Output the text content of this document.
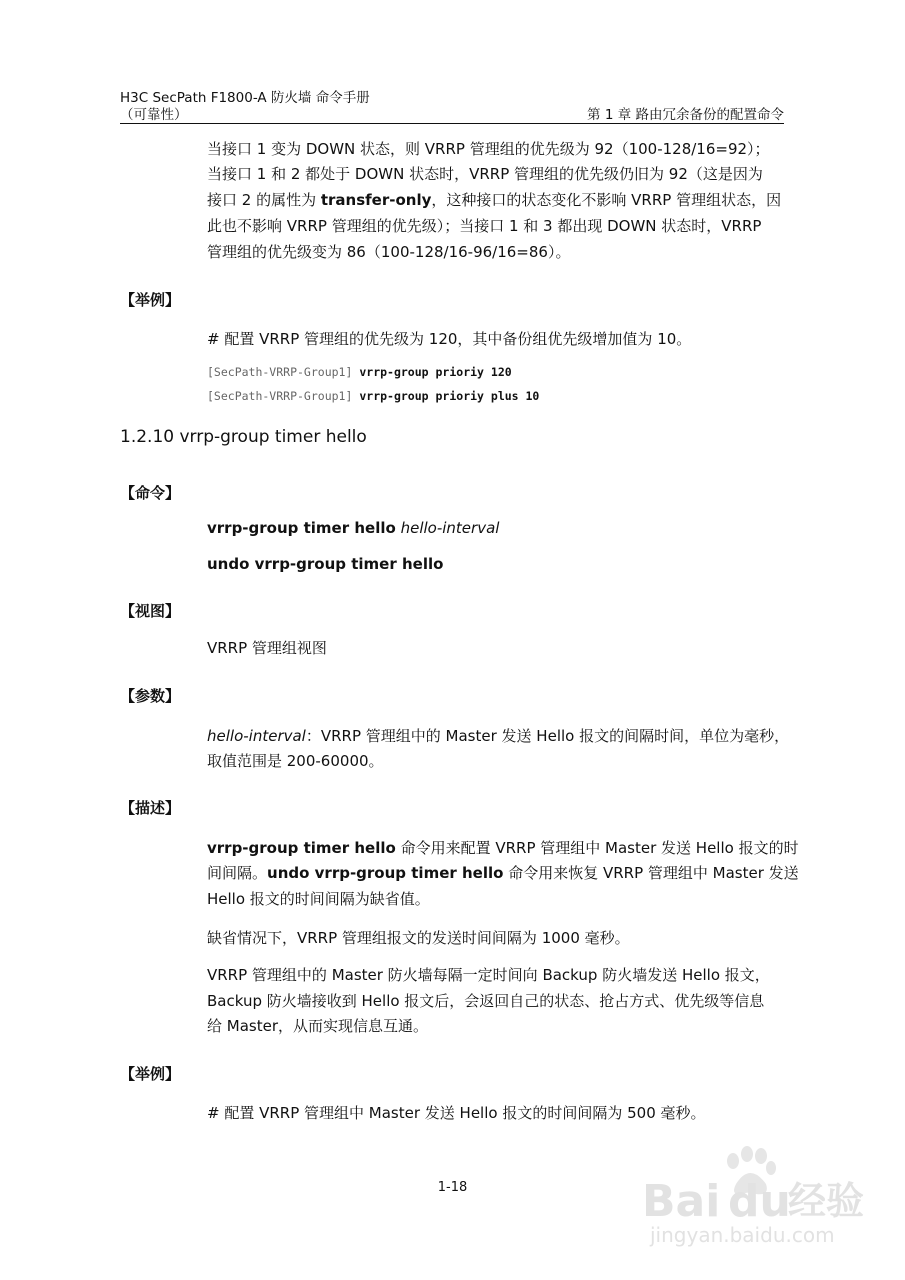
H3C SecPath F1800-A 防火墙 命令手册
（可靠性）	第 1 章 路由冗余备份的配置命令
当接口 1 变为 DOWN 状态，则 VRRP 管理组的优先级为 92（100-128/16=92）；
当接口 1 和 2 都处于 DOWN 状态时，VRRP 管理组的优先级仍旧为 92（这是因为
接口 2 的属性为 transfer-only，这种接口的状态变化不影响 VRRP 管理组状态，因
此也不影响 VRRP 管理组的优先级）；当接口 1 和 3 都出现 DOWN 状态时，VRRP
管理组的优先级变为 86（100-128/16-96/16=86）。
【举例】
# 配置 VRRP 管理组的优先级为 120，其中备份组优先级增加值为 10。
[SecPath-VRRP-Group1] vrrp-group prioriy 120
[SecPath-VRRP-Group1] vrrp-group prioriy plus 10
1.2.10 vrrp-group timer hello
【命令】
vrrp-group timer hello hello-interval
undo vrrp-group timer hello
【视图】
VRRP 管理组视图
【参数】
hello-interval：VRRP 管理组中的 Master 发送 Hello 报文的间隔时间，单位为毫秒，
取值范围是 200-60000。
【描述】
vrrp-group timer hello 命令用来配置 VRRP 管理组中 Master 发送 Hello 报文的时
间间隔。undo vrrp-group timer hello 命令用来恢复 VRRP 管理组中 Master 发送
Hello 报文的时间间隔为缺省值。
缺省情况下，VRRP 管理组报文的发送时间间隔为 1000 毫秒。
VRRP 管理组中的 Master 防火墙每隔一定时间向 Backup 防火墙发送 Hello 报文，
Backup 防火墙接收到 Hello 报文后，会返回自己的状态、抢占方式、优先级等信息
给 Master，从而实现信息互通。
【举例】
# 配置 VRRP 管理组中 Master 发送 Hello 报文的时间间隔为 500 毫秒。
1-18	Bai du
经验
jingyan.baidu.com
